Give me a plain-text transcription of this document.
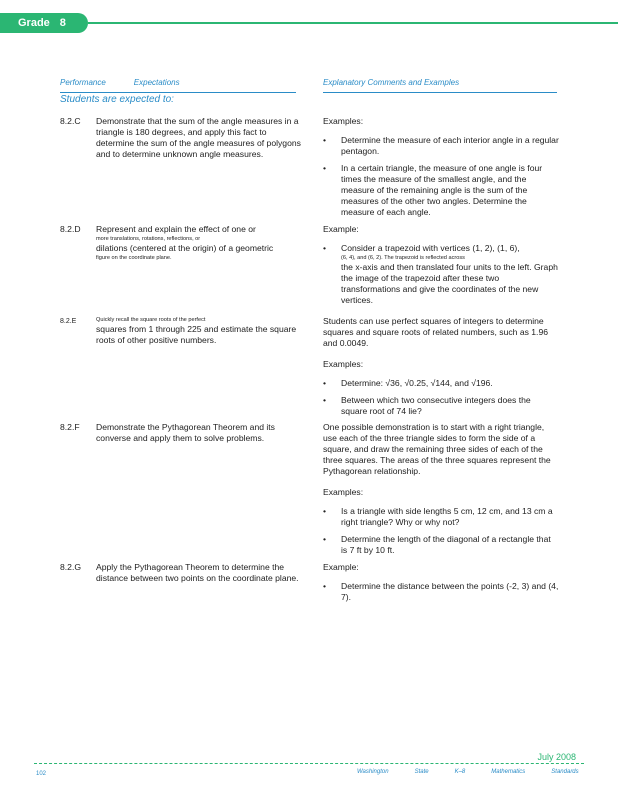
Grade 8
Performance	Expectations	Explanatory Comments and Examples
Students are expected to:
8.2.C	Demonstrate that the sum of the angle measures in a triangle is 180 degrees, and apply this fact to determine the sum of the angle measures of polygons and to determine unknown angle measures.
Examples:
• Determine the measure of each interior angle in a regular pentagon.
• In a certain triangle, the measure of one angle is four times the measure of the smallest angle, and the measure of the remaining angle is the sum of the measures of the other two angles. Determine the measure of each angle.
8.2.D	Represent and explain the effect of one or
more translations, rotations, reflections, or
dilations (centered at the origin) of a geometric
figure on the coordinate plane.
Example:
• Consider a trapezoid with vertices (1, 2), (1, 6),
(6, 4), and (6, 2). The trapezoid is reflected across
the x-axis and then translated four units to the left. Graph the image of the trapezoid after these two transformations and give the coordinates of the new vertices.
8.2.E	Quickly recall the square roots of the perfect
squares from 1 through 225 and estimate the square roots of other positive numbers.
Students can use perfect squares of integers to determine squares and square roots of related numbers, such as 1.96 and 0.0049.
Examples:
• Determine: √36, √0.25, √144, and √196.
• Between which two consecutive integers does the square root of 74 lie?
8.2.F	Demonstrate the Pythagorean Theorem and its converse and apply them to solve problems.
One possible demonstration is to start with a right triangle, use each of the three triangle sides to form the side of a square, and draw the remaining three sides of each of the three squares. The areas of the three squares represent the Pythagorean relationship.
Examples:
• Is a triangle with side lengths 5 cm, 12 cm, and 13 cm a right triangle? Why or why not?
• Determine the length of the diagonal of a rectangle that is 7 ft by 10 ft.
8.2.G	Apply the Pythagorean Theorem to determine the distance between two points on the coordinate plane.
Example:
• Determine the distance between the points (-2, 3) and (4, 7).
July 2008
102	Washington	State	K–8	Mathematics	Standards
